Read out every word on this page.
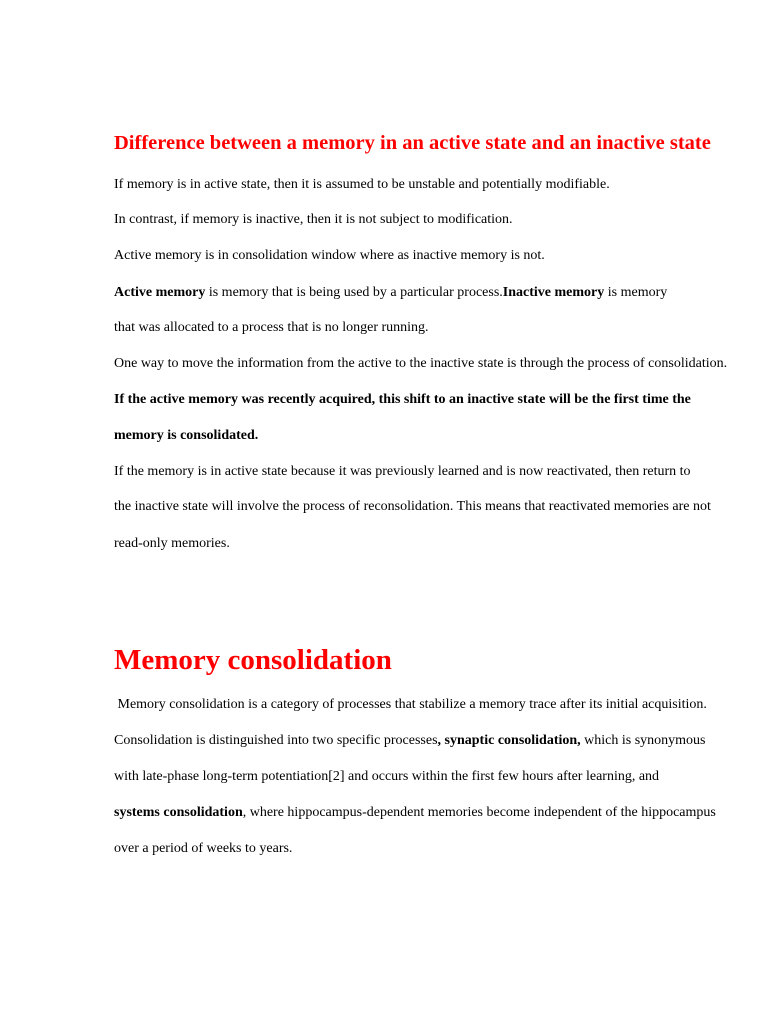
Difference between a memory in an active state and an inactive state
If memory is in active state, then it is assumed to be unstable and potentially modifiable.
In contrast, if memory is inactive, then it is not subject to modification.
Active memory is in consolidation window where as inactive memory is not.
Active memory is memory that is being used by a particular process.Inactive memory is memory
that was allocated to a process that is no longer running.
One way to move the information from the active to the inactive state is through the process of consolidation.
If the active memory was recently acquired, this shift to an inactive state will be the first time the
memory is consolidated.
If the memory is in active state because it was previously learned and is now reactivated, then return to
the inactive state will involve the process of reconsolidation. This means that reactivated memories are not
read-only memories.
Memory consolidation
Memory consolidation is a category of processes that stabilize a memory trace after its initial acquisition.
Consolidation is distinguished into two specific processes, synaptic consolidation, which is synonymous
with late-phase long-term potentiation[2] and occurs within the first few hours after learning, and
systems consolidation, where hippocampus-dependent memories become independent of the hippocampus
over a period of weeks to years.
